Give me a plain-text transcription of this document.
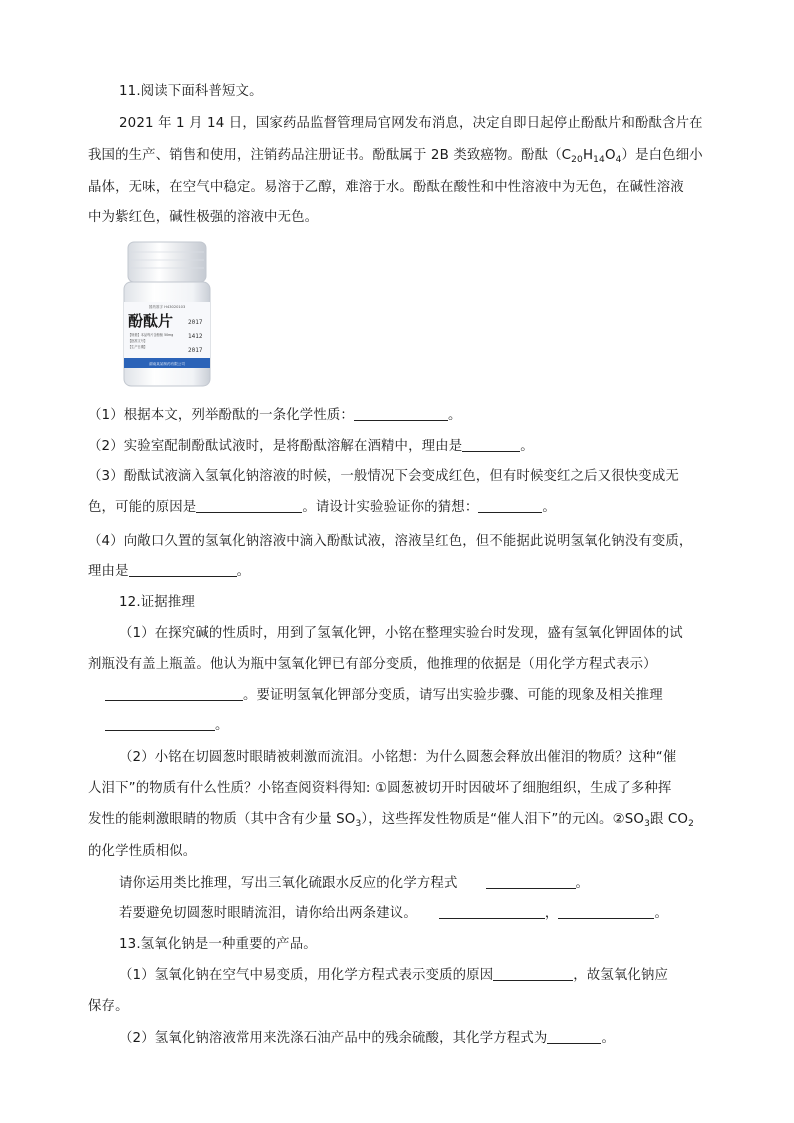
11.阅读下面科普短文。
2021 年 1 月 14 日，国家药品监督管理局官网发布消息，决定自即日起停止酚酞片和酚酞含片在
我国的生产、销售和使用，注销药品注册证书。酚酞属于 2B 类致癌物。酚酞$(C_{20}H_{14}O_4)$是白色细小
晶体，无味，在空气中稳定。易溶于乙醇，难溶于水。酚酞在酸性和中性溶液中为无色，在碱性溶液
中为紫红色，碱性极强的溶液中无色。
国药准字 H43020103
酚酞片
【规格】本品每片含酚酞 50mg
【批准文号】
【生产日期】
2017
1412
2017
湖南某某制药有限公司
（1）根据本文，列举酚酞的一条化学性质：	。
（2）实验室配制酚酞试液时，是将酚酞溶解在酒精中，理由是	。
（3）酚酞试液滴入氢氧化钠溶液的时候，一般情况下会变成红色，但有时候变红之后又很快变成无
色，可能的原因是	。请设计实验验证你的猜想：	。
（4）向敞口久置的氢氧化钠溶液中滴入酚酞试液，溶液呈红色，但不能据此说明氢氧化钠没有变质，
理由是	。
12.证据推理
（1）在探究碱的性质时，用到了氢氧化钾，小铭在整理实验台时发现，盛有氢氧化钾固体的试
剂瓶没有盖上瓶盖。他认为瓶中氢氧化钾已有部分变质，他推理的依据是（用化学方程式表示）
。要证明氢氧化钾部分变质，请写出实验步骤、可能的现象及相关推理
。
（2）小铭在切圆葱时眼睛被刺激而流泪。小铭想：为什么圆葱会释放出催泪的物质？这种“催
人泪下”的物质有什么性质？小铭查阅资料得知: ①圆葱被切开时因破坏了细胞组织，生成了多种挥
发性的能刺激眼睛的物质（其中含有少量 $SO_3$），这些挥发性物质是“催人泪下”的元凶。$②SO_3$跟 $CO_2$
的化学性质相似。
请你运用类比推理，写出三氧化硫跟水反应的化学方程式	。
若要避免切圆葱时眼睛流泪，请你给出两条建议。	，	。
13.氢氧化钠是一种重要的产品。
（1）氢氧化钠在空气中易变质，用化学方程式表示变质的原因	，故氢氧化钠应
保存。
（2）氢氧化钠溶液常用来洗涤石油产品中的残余硫酸，其化学方程式为	。
